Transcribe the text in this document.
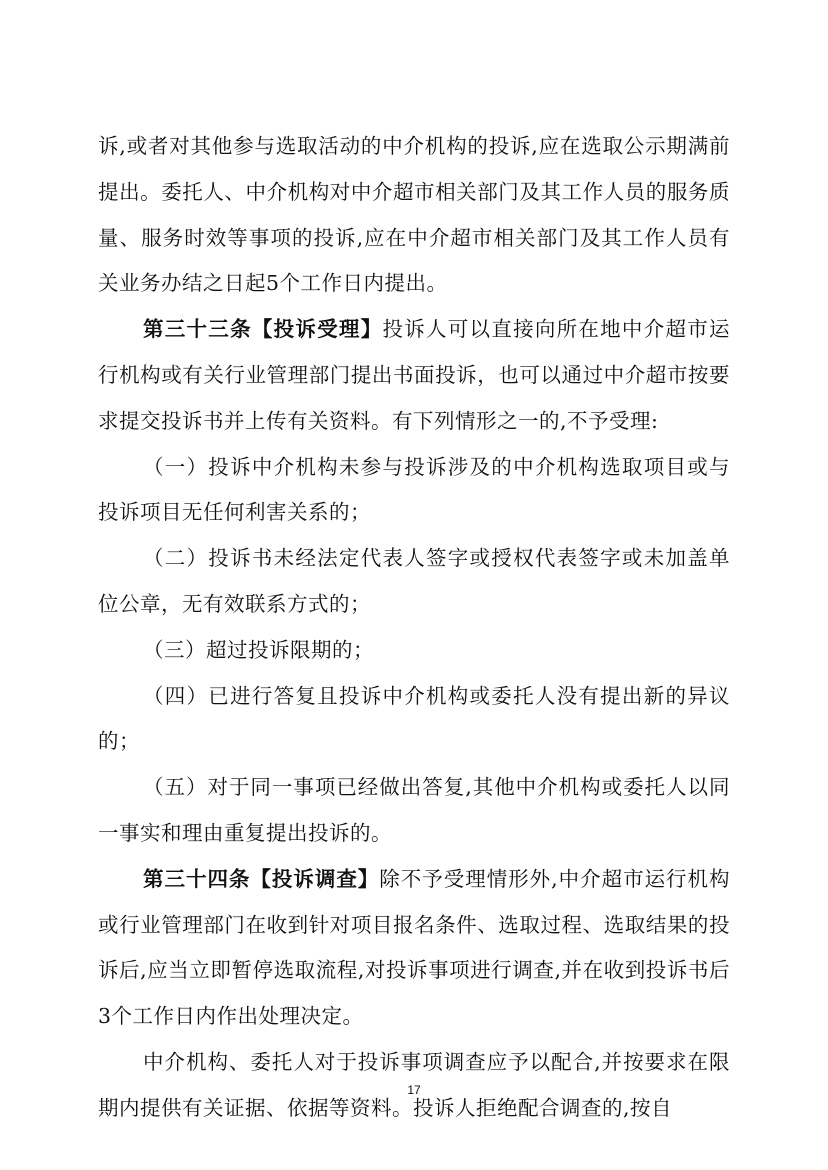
诉,或者对其他参与选取活动的中介机构的投诉,应在选取公示期满前提出。委托人、中介机构对中介超市相关部门及其工作人员的服务质量、服务时效等事项的投诉,应在中介超市相关部门及其工作人员有关业务办结之日起5个工作日内提出。

第三十三条【投诉受理】投诉人可以直接向所在地中介超市运行机构或有关行业管理部门提出书面投诉，也可以通过中介超市按要求提交投诉书并上传有关资料。有下列情形之一的,不予受理:

（一）投诉中介机构未参与投诉涉及的中介机构选取项目或与投诉项目无任何利害关系的；

（二）投诉书未经法定代表人签字或授权代表签字或未加盖单位公章，无有效联系方式的；

（三）超过投诉限期的；

（四）已进行答复且投诉中介机构或委托人没有提出新的异议的；

（五）对于同一事项已经做出答复,其他中介机构或委托人以同一事实和理由重复提出投诉的。

第三十四条【投诉调查】除不予受理情形外,中介超市运行机构或行业管理部门在收到针对项目报名条件、选取过程、选取结果的投诉后,应当立即暂停选取流程,对投诉事项进行调查,并在收到投诉书后3个工作日内作出处理决定。

中介机构、委托人对于投诉事项调查应予以配合,并按要求在限期内提供有关证据、依据等资料。投诉人拒绝配合调查的,按自

17
